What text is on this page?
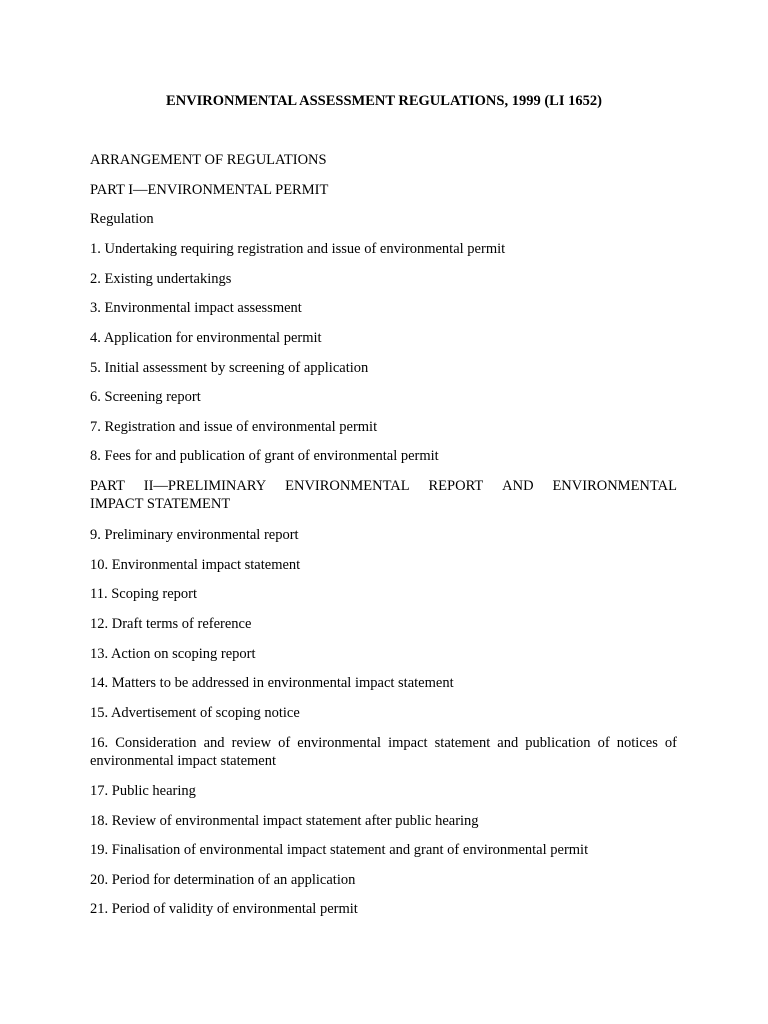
ENVIRONMENTAL ASSESSMENT REGULATIONS, 1999 (LI 1652)
ARRANGEMENT OF REGULATIONS
PART I—ENVIRONMENTAL PERMIT
Regulation
1. Undertaking requiring registration and issue of environmental permit
2. Existing undertakings
3. Environmental impact assessment
4. Application for environmental permit
5. Initial assessment by screening of application
6. Screening report
7. Registration and issue of environmental permit
8. Fees for and publication of grant of environmental permit
PART II—PRELIMINARY ENVIRONMENTAL REPORT AND ENVIRONMENTAL
IMPACT STATEMENT
9. Preliminary environmental report
10. Environmental impact statement
11. Scoping report
12. Draft terms of reference
13. Action on scoping report
14. Matters to be addressed in environmental impact statement
15. Advertisement of scoping notice
16. Consideration and review of environmental impact statement and publication of notices of environmental impact statement
17. Public hearing
18. Review of environmental impact statement after public hearing
19. Finalisation of environmental impact statement and grant of environmental permit
20. Period for determination of an application
21. Period of validity of environmental permit
